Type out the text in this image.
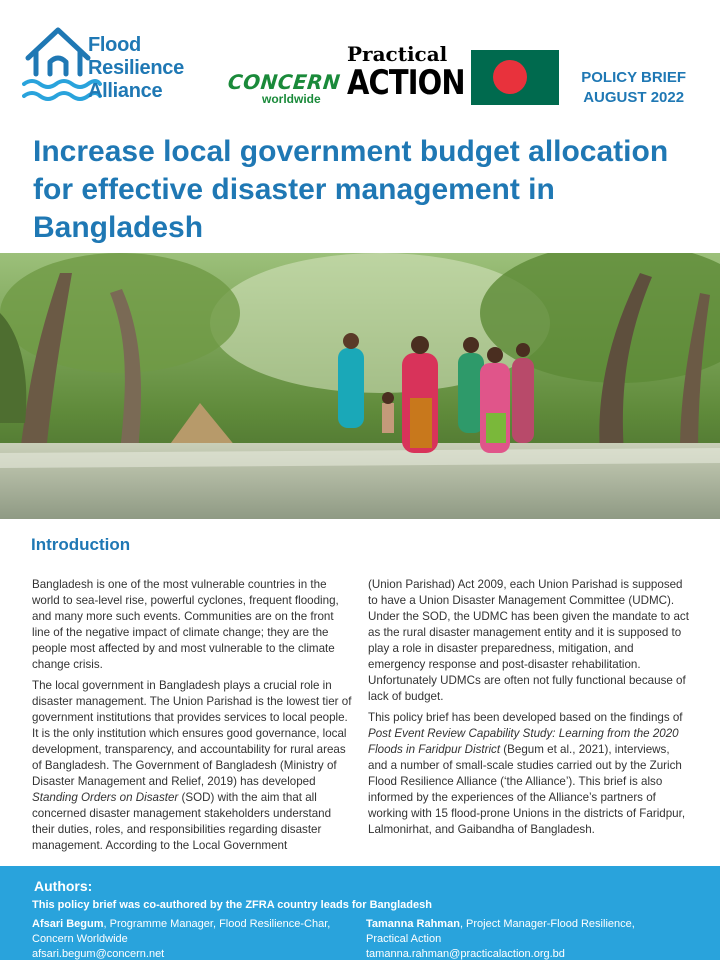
Flood
Resilience
Alliance	CONCERN
worldwide
Practical
ACTION	POLICY BRIEF
AUGUST 2022
Increase local government budget allocation for effective disaster management in Bangladesh

Introduction

Bangladesh is one of the most vulnerable countries in the world to sea-level rise, powerful cyclones, frequent flooding, and many more such events. Communities are on the front line of the negative impact of climate change; they are the people most affected by and most vulnerable to the climate change crisis.

The local government in Bangladesh plays a crucial role in disaster management. The Union Parishad is the lowest tier of government institutions that provides services to local people. It is the only institution which ensures good governance, local development, transparency, and accountability for rural areas of Bangladesh. The Government of Bangladesh (Ministry of Disaster Management and Relief, 2019) has developed Standing Orders on Disaster (SOD) with the aim that all concerned disaster management stakeholders understand their duties, roles, and responsibilities regarding disaster management. According to the Local Government

(Union Parishad) Act 2009, each Union Parishad is supposed to have a Union Disaster Management Committee (UDMC). Under the SOD, the UDMC has been given the mandate to act as the rural disaster management entity and it is supposed to play a role in disaster preparedness, mitigation, and emergency response and post-disaster rehabilitation. Unfortunately UDMCs are often not fully functional because of lack of budget.

This policy brief has been developed based on the findings of Post Event Review Capability Study: Learning from the 2020 Floods in Faridpur District (Begum et al., 2021), interviews, and a number of small-scale studies carried out by the Zurich Flood Resilience Alliance (‘the Alliance’). This brief is also informed by the experiences of the Alliance’s partners of working with 15 flood-prone Unions in the districts of Faridpur, Lalmonirhat, and Gaibandha of Bangladesh.

Authors:
This policy brief was co-authored by the ZFRA country leads for Bangladesh
Afsari Begum, Programme Manager, Flood Resilience-Char,
Concern Worldwide
afsari.begum@concern.net
Tamanna Rahman, Project Manager-Flood Resilience,
Practical Action
tamanna.rahman@practicalaction.org.bd
